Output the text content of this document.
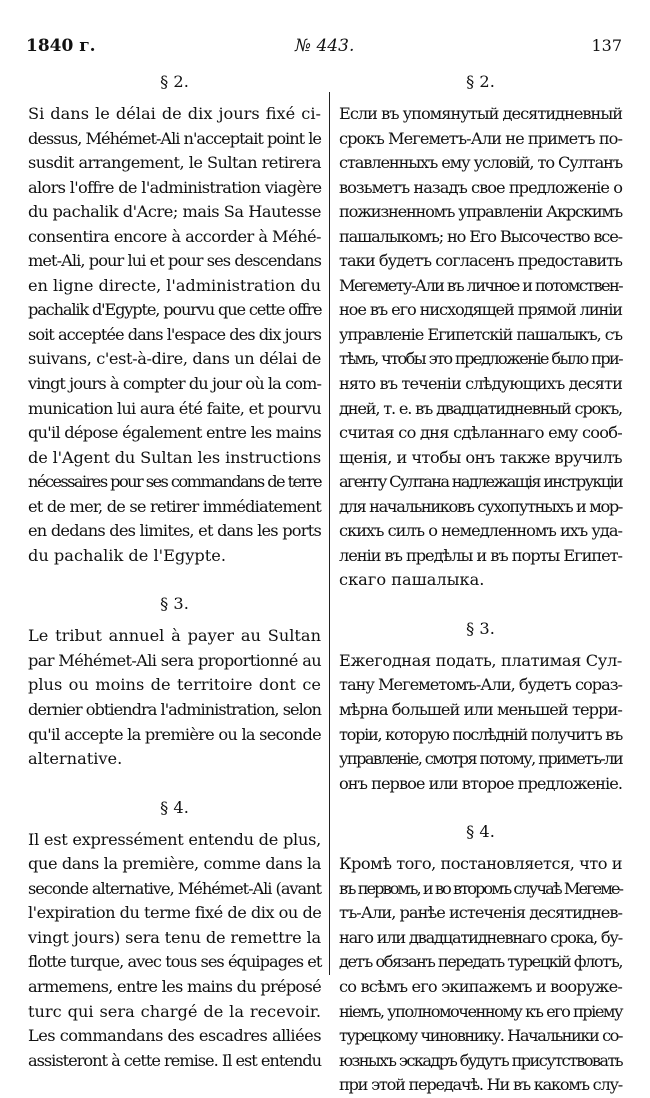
1840 г.	№ 443.	137
§ 2.
Si dans le délai de dix jours fixé ci-
dessus, Méhémet-Ali n'acceptait point le
susdit arrangement, le Sultan retirera
alors l'offre de l'administration viagère
du pachalik d'Acre; mais Sa Hautesse
consentira encore à accorder à Méhé-
met-Ali, pour lui et pour ses descendans
en ligne directe, l'administration du
pachalik d'Egypte, pourvu que cette offre
soit acceptée dans l'espace des dix jours
suivans, c'est-à-dire, dans un délai de
vingt jours à compter du jour où la com-
munication lui aura été faite, et pourvu
qu'il dépose également entre les mains
de l'Agent du Sultan les instructions
nécessaires pour ses commandans de terre
et de mer, de se retirer immédiatement
en dedans des limites, et dans les ports
du pachalik de l'Egypte.
§ 3.
Le tribut annuel à payer au Sultan
par Méhémet-Ali sera proportionné au
plus ou moins de territoire dont ce
dernier obtiendra l'administration, selon
qu'il accepte la première ou la seconde
alternative.
§ 4.
Il est expressément entendu de plus,
que dans la première, comme dans la
seconde alternative, Méhémet-Ali (avant
l'expiration du terme fixé de dix ou de
vingt jours) sera tenu de remettre la
flotte turque, avec tous ses équipages et
armemens, entre les mains du préposé
turc qui sera chargé de la recevoir.
Les commandans des escadres alliées
assisteront à cette remise. Il est entendu
§ 2.
Если въ упомянутый десятидневный
срокъ Мегеметъ-Али не приметъ по-
ставленныхъ ему условій, то Султанъ
возьметъ назадъ свое предложеніе о
пожизненномъ управленіи Акрскимъ
пашалыкомъ; но Его Высочество все-
таки будетъ согласенъ предоставить
Мегемету-Али въ личное и потомствен-
ное въ его нисходящей прямой линіи
управленіе Египетскій пашалыкъ, съ
тѣмъ, чтобы это предложеніе было при-
нято въ теченіи слѣдующихъ десяти
дней, т. е. въ двадцатидневный срокъ,
считая со дня сдѣланнаго ему сооб-
щенія, и чтобы онъ также вручилъ
агенту Султана надлежащія инструкціи
для начальниковъ сухопутныхъ и мор-
скихъ силъ о немедленномъ ихъ уда-
леніи въ предѣлы и въ порты Египет-
скаго пашалыка.
§ 3.
Ежегодная подать, платимая Сул-
тану Мегеметомъ-Али, будетъ сораз-
мѣрна большей или меньшей терри-
торіи, которую послѣдній получитъ въ
управленіе, смотря потому, приметъ-ли
онъ первое или второе предложеніе.
§ 4.
Кромѣ того, постановляется, что и
въ первомъ, и во второмъ случаѣ Мегеме-
тъ-Али, ранѣе истеченія десятиднев-
наго или двадцатидневнаго срока, бу-
детъ обязанъ передать турецкій флотъ,
со всѣмъ его экипажемъ и вооруже-
ніемъ, уполномоченному къ его пріему
турецкому чиновнику. Начальники со-
юзныхъ эскадръ будутъ присутствовать
при этой передачѣ. Ни въ какомъ слу-
